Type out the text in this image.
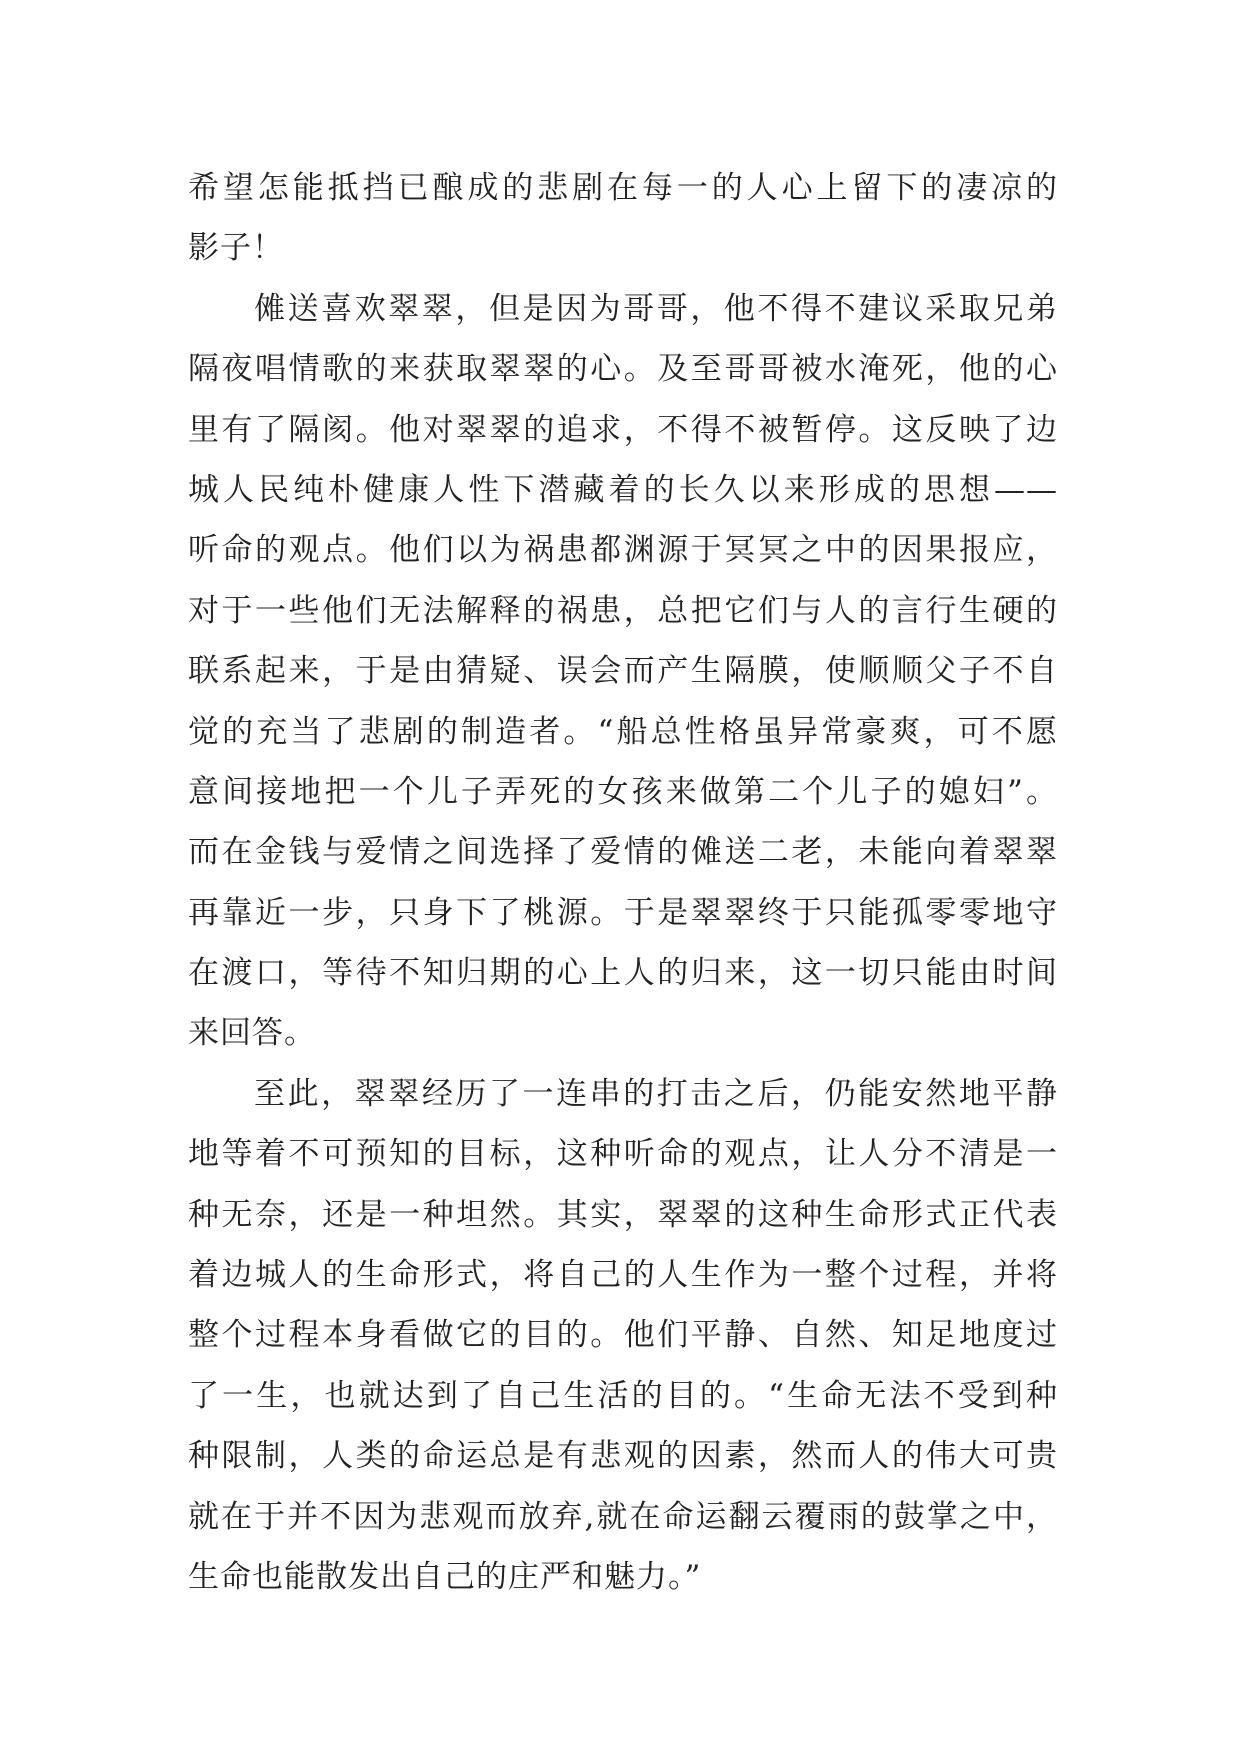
希望怎能抵挡已酿成的悲剧在每一的人心上留下的凄凉的
影子！
傩送喜欢翠翠，但是因为哥哥，他不得不建议采取兄弟
隔夜唱情歌的来获取翠翠的心。及至哥哥被水淹死，他的心
里有了隔阂。他对翠翠的追求，不得不被暂停。这反映了边
城人民纯朴健康人性下潜藏着的长久以来形成的思想——
听命的观点。他们以为祸患都渊源于冥冥之中的因果报应，
对于一些他们无法解释的祸患，总把它们与人的言行生硬的
联系起来，于是由猜疑、误会而产生隔膜，使顺顺父子不自
觉的充当了悲剧的制造者。“船总性格虽异常豪爽，可不愿
意间接地把一个儿子弄死的女孩来做第二个儿子的媳妇”。
而在金钱与爱情之间选择了爱情的傩送二老，未能向着翠翠
再靠近一步，只身下了桃源。于是翠翠终于只能孤零零地守
在渡口，等待不知归期的心上人的归来，这一切只能由时间
来回答。
至此，翠翠经历了一连串的打击之后，仍能安然地平静
地等着不可预知的目标，这种听命的观点，让人分不清是一
种无奈，还是一种坦然。其实，翠翠的这种生命形式正代表
着边城人的生命形式，将自己的人生作为一整个过程，并将
整个过程本身看做它的目的。他们平静、自然、知足地度过
了一生，也就达到了自己生活的目的。“生命无法不受到种
种限制，人类的命运总是有悲观的因素，然而人的伟大可贵
就在于并不因为悲观而放弃,就在命运翻云覆雨的鼓掌之中，
生命也能散发出自己的庄严和魅力。”
